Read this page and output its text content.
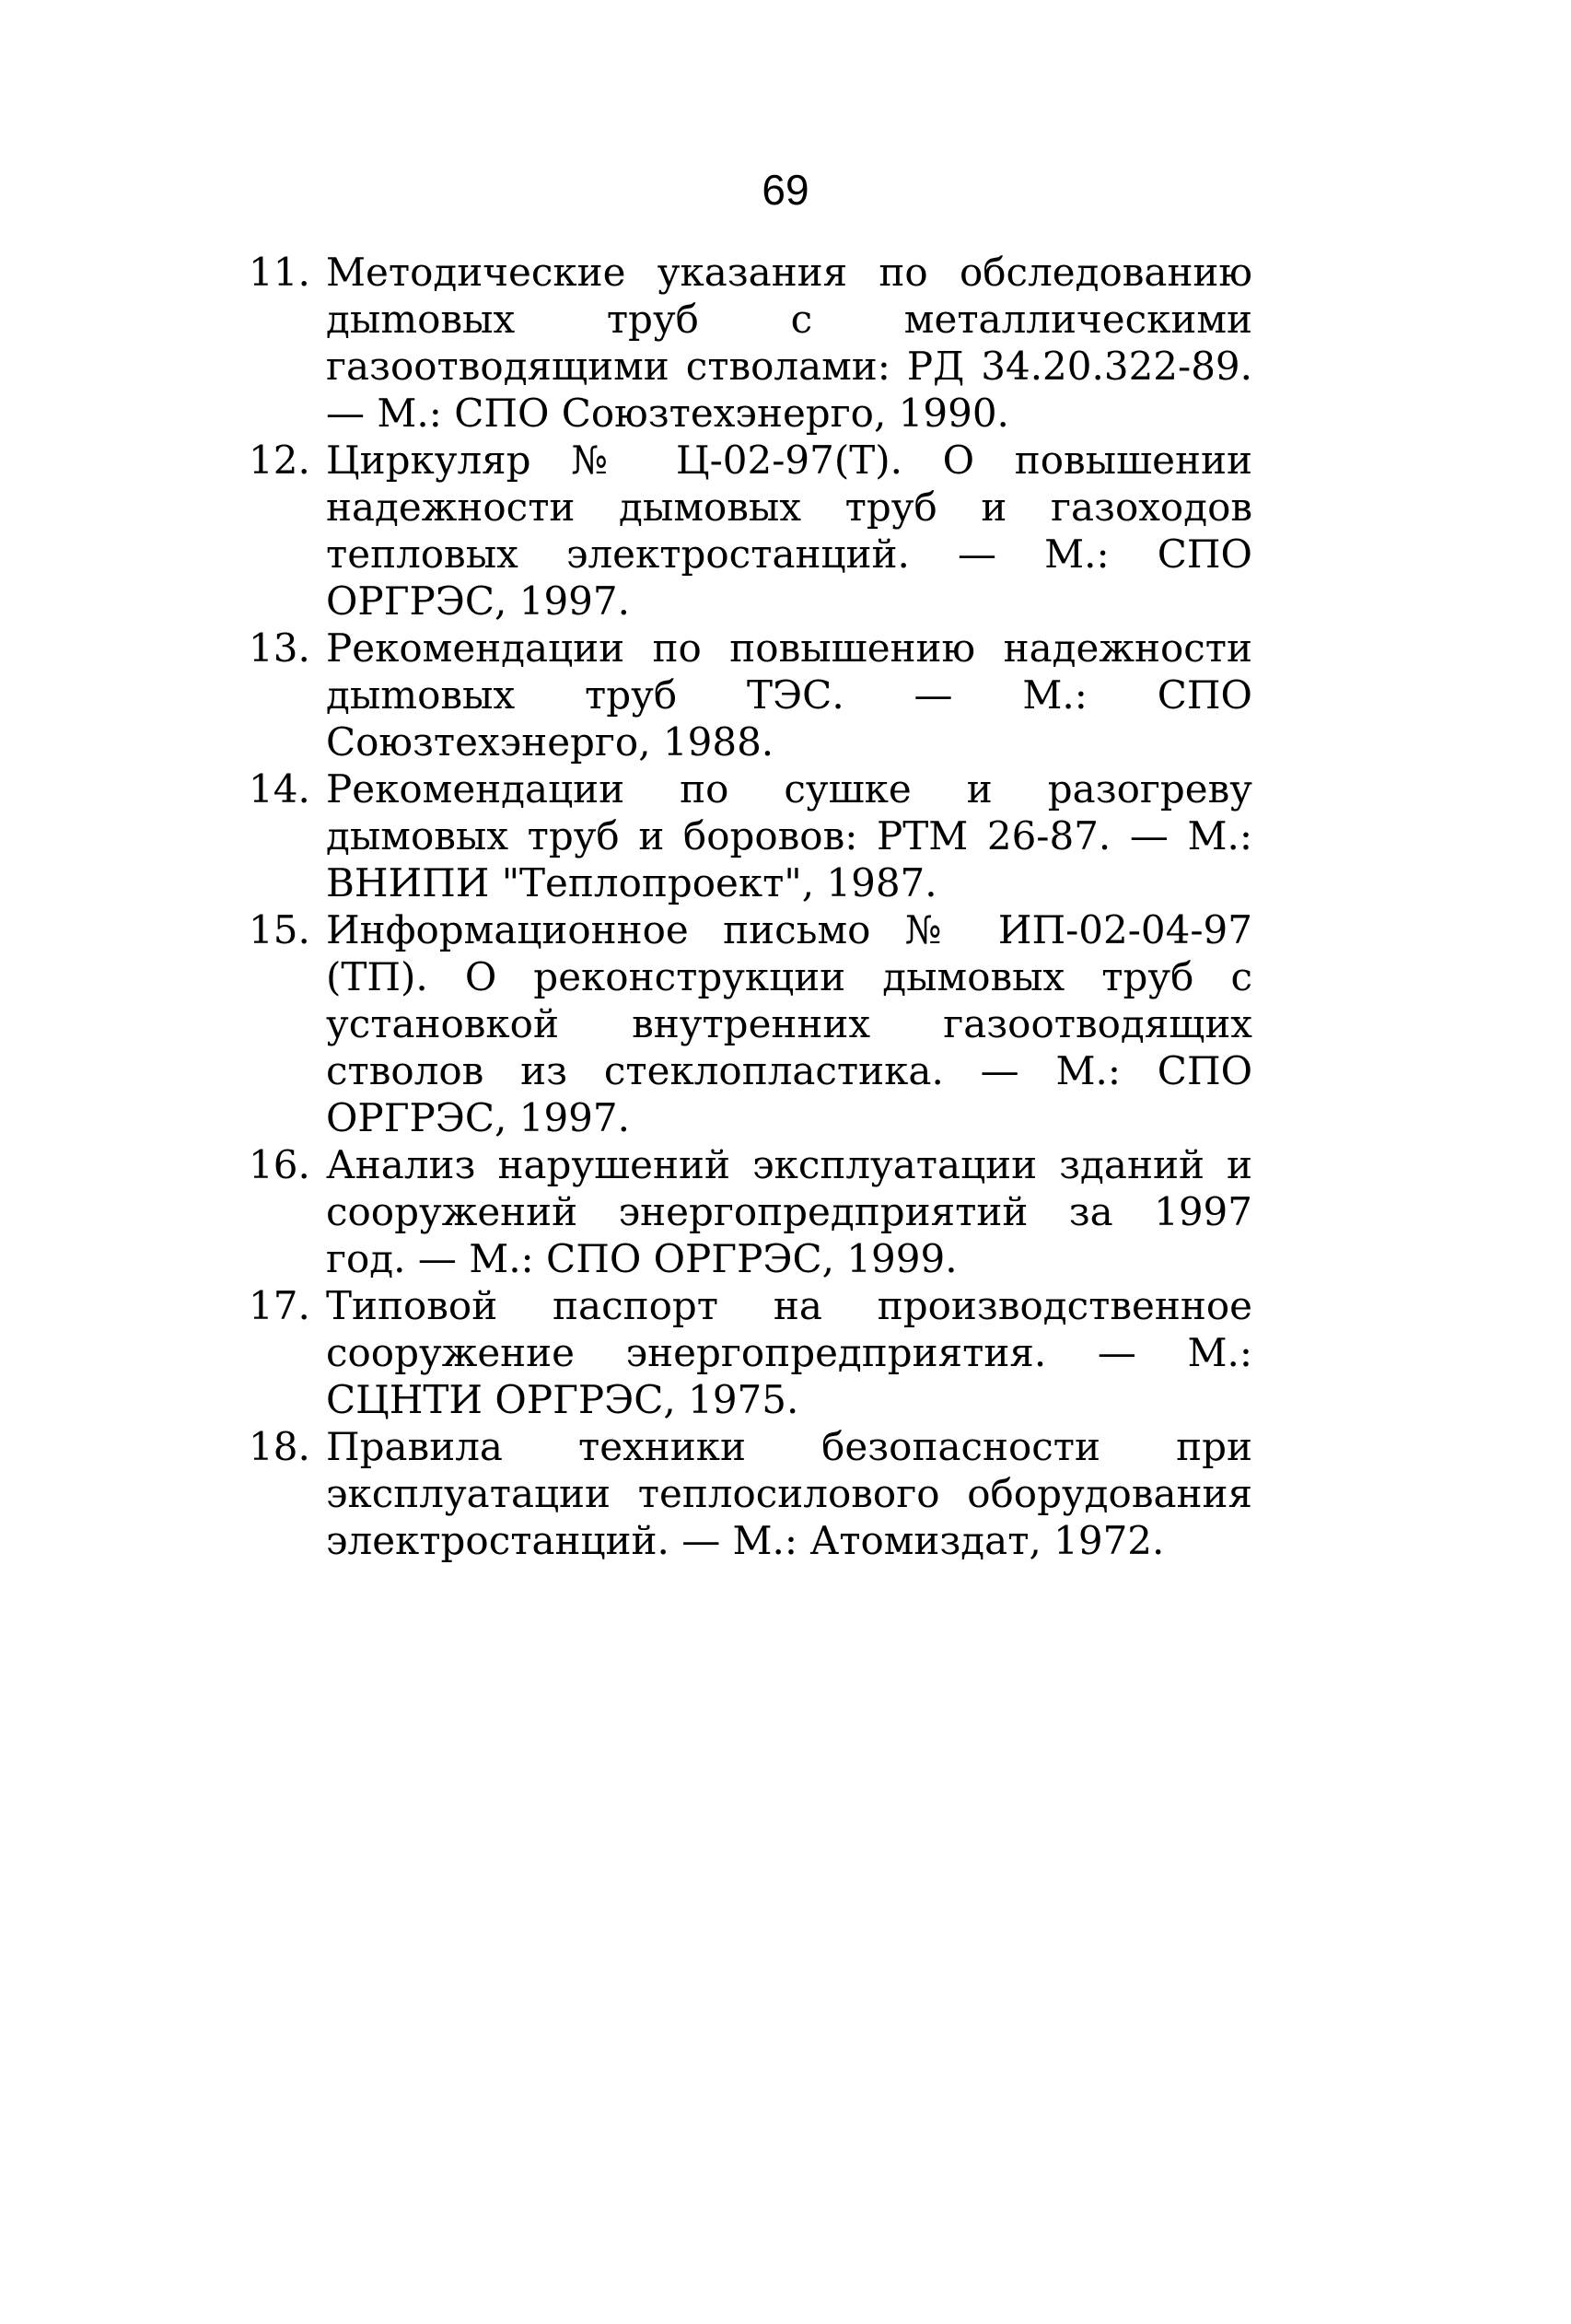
69
11. Методические указания по обследованию дыmовых труб с металлическими газоотводящими стволами: РД 34.20.322-89. — М.: СПО Союзтехэнерго, 1990.
12. Циркуляр № Ц-02-97(Т). О повышении надежности дымовых труб и газоходов тепловых электростанций. — М.: СПО ОРГРЭС, 1997.
13. Рекомендации по повышению надежности дыmовых труб ТЭС. — М.: СПО Союзтехэнерго, 1988.
14. Рекомендации по сушке и разогреву дымовых труб и боровов: РТМ 26-87. — М.: ВНИПИ "Теплопроект", 1987.
15. Информационное письмо № ИП-02-04-97 (ТП). О реконструкции дымовых труб с установкой внутренних газоотводящих стволов из стеклопластика. — М.: СПО ОРГРЭС, 1997.
16. Анализ нарушений эксплуатации зданий и сооружений энергопредприятий за 1997 год. — М.: СПО ОРГРЭС, 1999.
17. Типовой паспорт на производственное сооружение энергопредприятия. — М.: СЦНТИ ОРГРЭС, 1975.
18. Правила техники безопасности при эксплуатации теплосилового оборудования электростанций. — М.: Атомиздат, 1972.
